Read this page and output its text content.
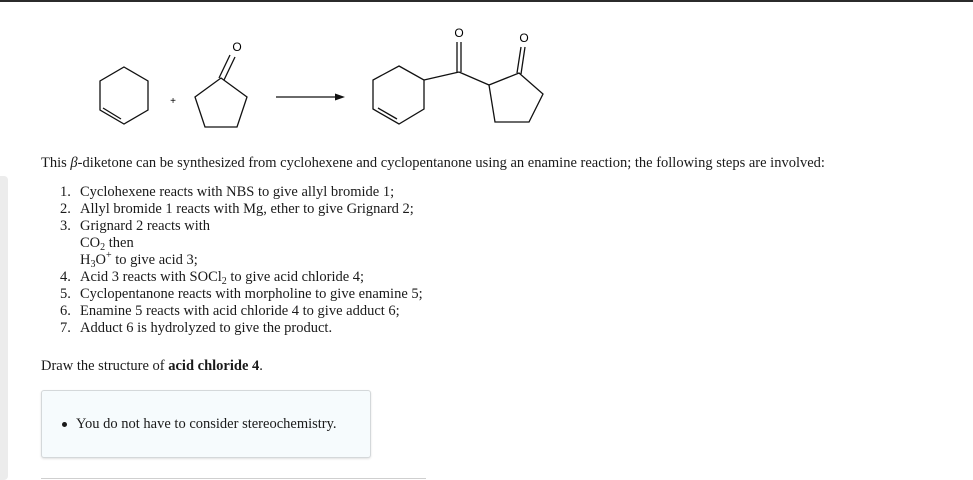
+
O
O	O

This β-diketone can be synthesized from cyclohexene and cyclopentanone using an enamine reaction; the following steps are involved:

1. Cyclohexene reacts with NBS to give allyl bromide 1;
2. Allyl bromide 1 reacts with Mg, ether to give Grignard 2;
3. Grignard 2 reacts with
$CO_2$ then
$H_3O^+$ to give acid 3;
4. Acid 3 reacts with SOCl$_2$ to give acid chloride 4;
5. Cyclopentanone reacts with morpholine to give enamine 5;
6. Enamine 5 reacts with acid chloride 4 to give adduct 6;
7. Adduct 6 is hydrolyzed to give the product.

Draw the structure of acid chloride 4.

You do not have to consider stereochemistry.
